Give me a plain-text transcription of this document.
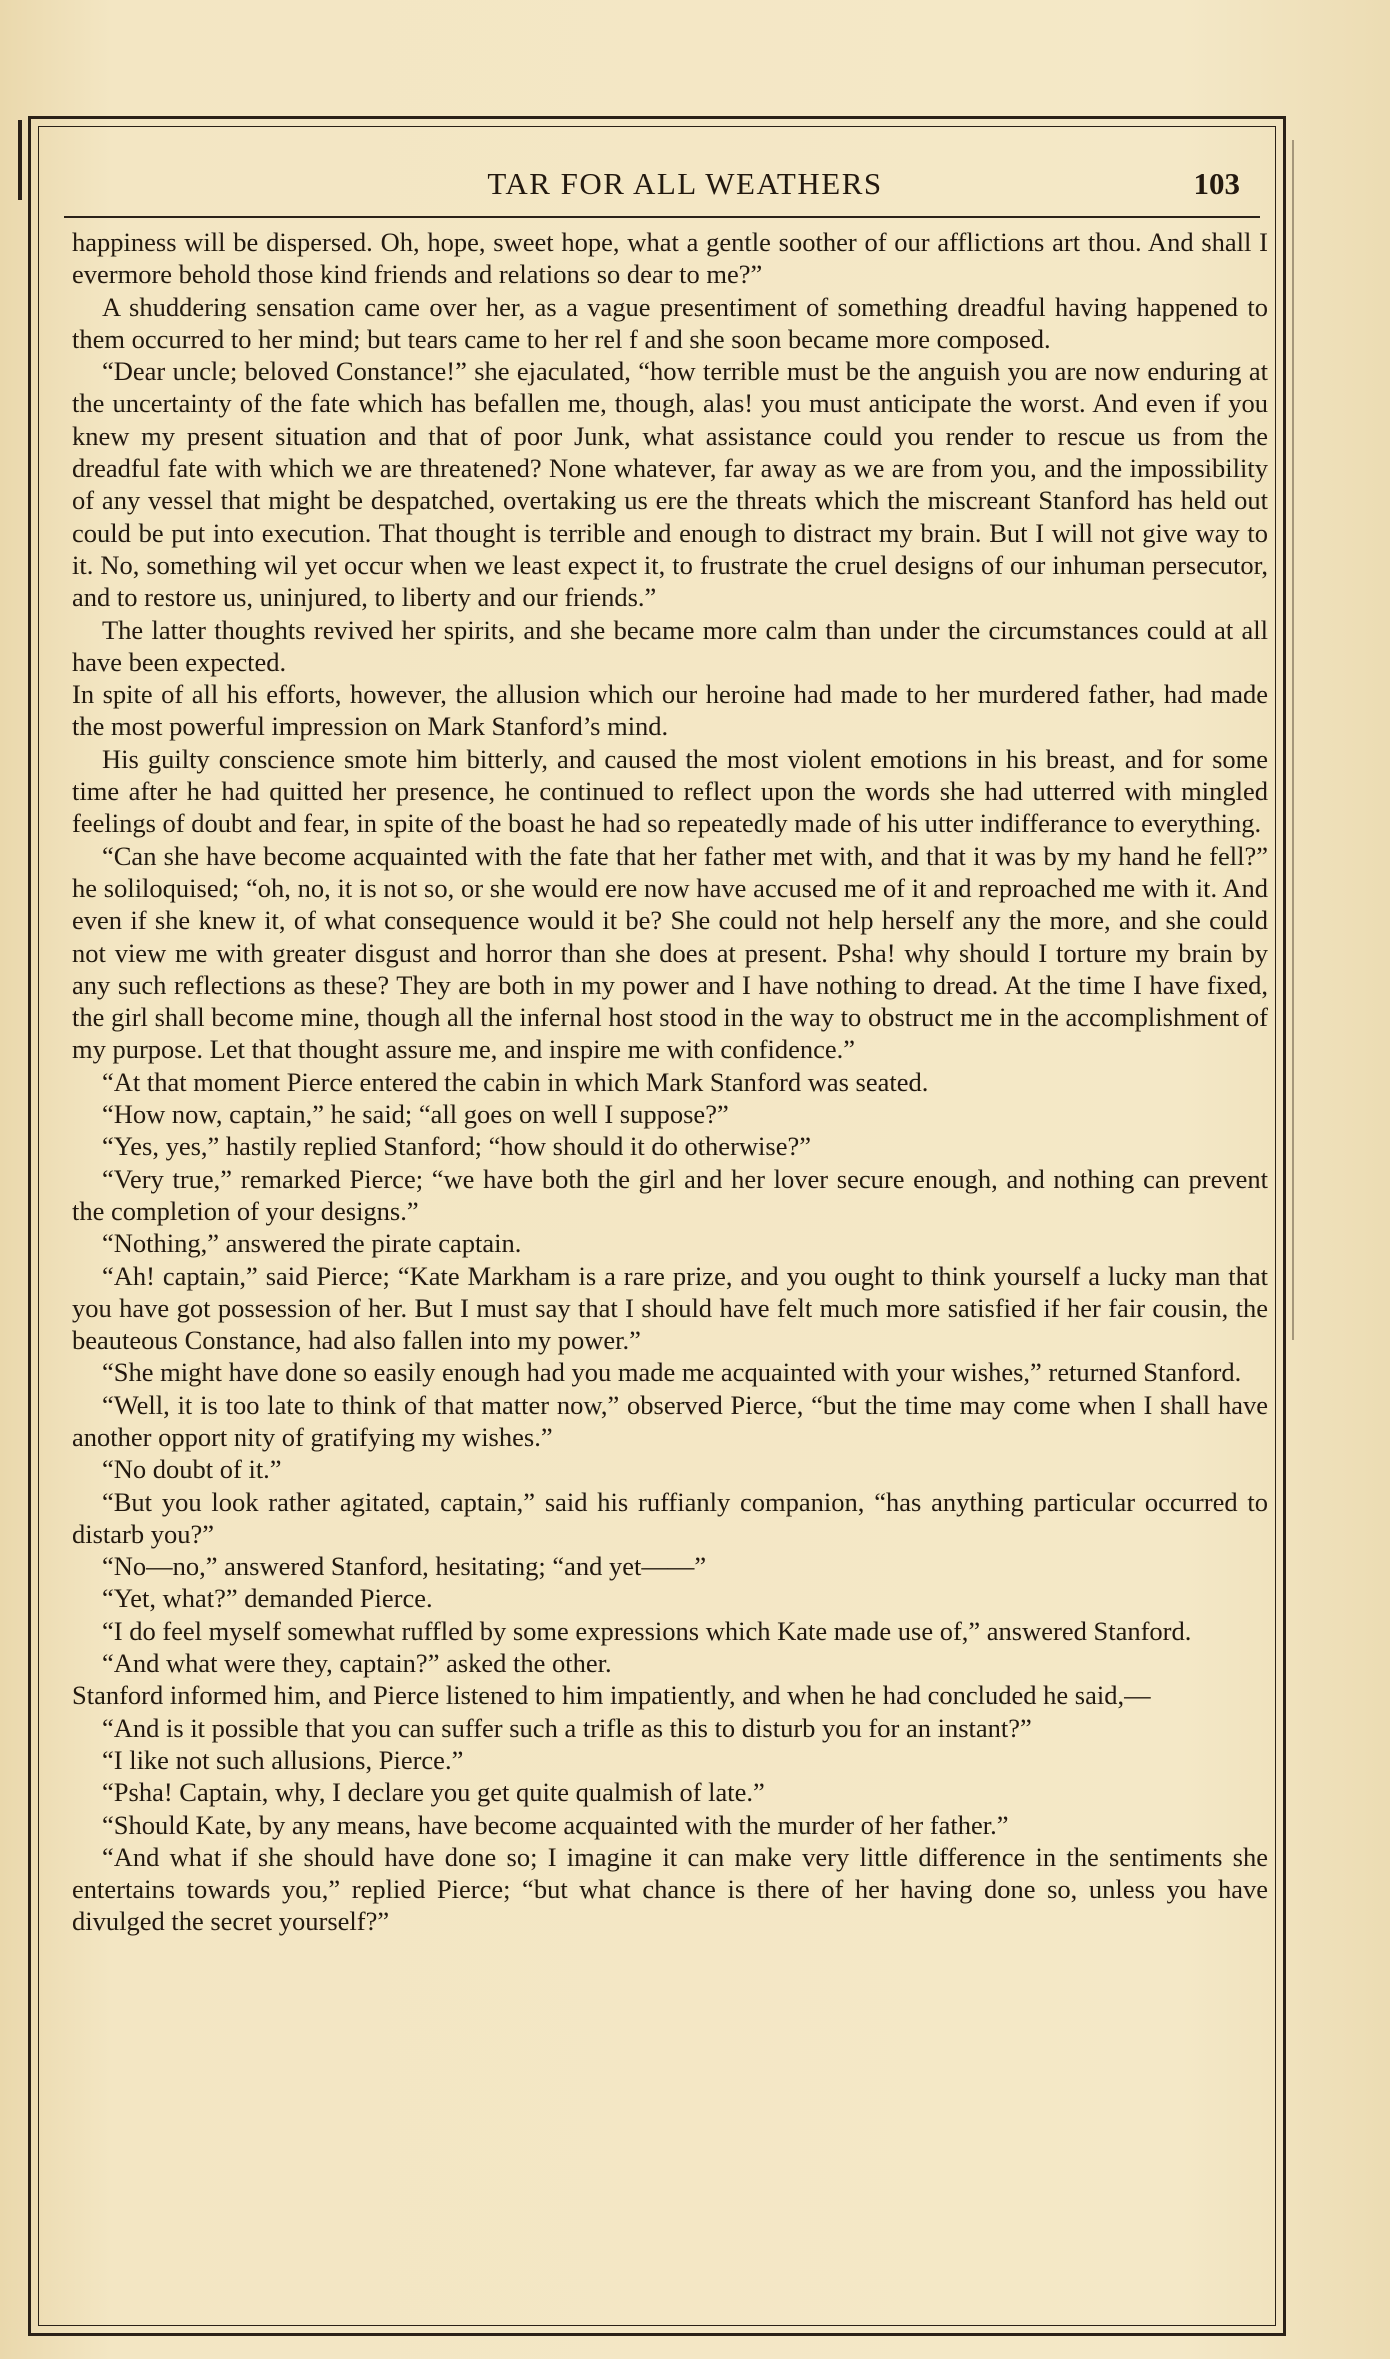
TAR FOR ALL WEATHERS	103

happiness will be dispersed. Oh, hope, sweet hope, what a gentle soother of our afflictions art thou. And shall I evermore behold those kind friends and relations so dear to me?”

A shuddering sensation came over her, as a vague presentiment of something dreadful having happened to them occurred to her mind; but tears came to her rel f and she soon became more composed.

“Dear uncle; beloved Constance!” she ejaculated, “how terrible must be the anguish you are now enduring at the uncertainty of the fate which has befallen me, though, alas! you must anticipate the worst. And even if you knew my present situation and that of poor Junk, what assistance could you render to rescue us from the dreadful fate with which we are threatened? None whatever, far away as we are from you, and the impossibility of any vessel that might be despatched, overtaking us ere the threats which the miscreant Stanford has held out could be put into execution. That thought is terrible and enough to distract my brain. But I will not give way to it. No, something wil yet occur when we least expect it, to frustrate the cruel designs of our inhuman persecutor, and to restore us, uninjured, to liberty and our friends.”

The latter thoughts revived her spirits, and she became more calm than under the circumstances could at all have been expected.

In spite of all his efforts, however, the allusion which our heroine had made to her murdered father, had made the most powerful impression on Mark Stanford’s mind.

His guilty conscience smote him bitterly, and caused the most violent emotions in his breast, and for some time after he had quitted her presence, he continued to reflect upon the words she had utterred with mingled feelings of doubt and fear, in spite of the boast he had so repeatedly made of his utter indifferance to everything.

“Can she have become acquainted with the fate that her father met with, and that it was by my hand he fell?” he soliloquised; “oh, no, it is not so, or she would ere now have accused me of it and reproached me with it. And even if she knew it, of what consequence would it be? She could not help herself any the more, and she could not view me with greater disgust and horror than she does at present. Psha! why should I torture my brain by any such reflections as these? They are both in my power and I have nothing to dread. At the time I have fixed, the girl shall become mine, though all the infernal host stood in the way to obstruct me in the accomplishment of my purpose. Let that thought assure me, and inspire me with confidence.”

“At that moment Pierce entered the cabin in which Mark Stanford was seated.

“How now, captain,” he said; “all goes on well I suppose?”

“Yes, yes,” hastily replied Stanford; “how should it do otherwise?”

“Very true,” remarked Pierce; “we have both the girl and her lover secure enough, and nothing can prevent the completion of your designs.”

“Nothing,” answered the pirate captain.

“Ah! captain,” said Pierce; “Kate Markham is a rare prize, and you ought to think yourself a lucky man that you have got possession of her. But I must say that I should have felt much more satisfied if her fair cousin, the beauteous Constance, had also fallen into my power.”

“She might have done so easily enough had you made me acquainted with your wishes,” returned Stanford.

“Well, it is too late to think of that matter now,” observed Pierce, “but the time may come when I shall have another opport nity of gratifying my wishes.”

“No doubt of it.”

“But you look rather agitated, captain,” said his ruffianly companion, “has anything particular occurred to distarb you?”

“No—no,” answered Stanford, hesitating; “and yet——”

“Yet, what?” demanded Pierce.

“I do feel myself somewhat ruffled by some expressions which Kate made use of,” answered Stanford.

“And what were they, captain?” asked the other.

Stanford informed him, and Pierce listened to him impatiently, and when he had concluded he said,—

“And is it possible that you can suffer such a trifle as this to disturb you for an instant?”

“I like not such allusions, Pierce.”

“Psha! Captain, why, I declare you get quite qualmish of late.”

“Should Kate, by any means, have become acquainted with the murder of her father.”

“And what if she should have done so; I imagine it can make very little difference in the sentiments she entertains towards you,” replied Pierce; “but what chance is there of her having done so, unless you have divulged the secret yourself?”
